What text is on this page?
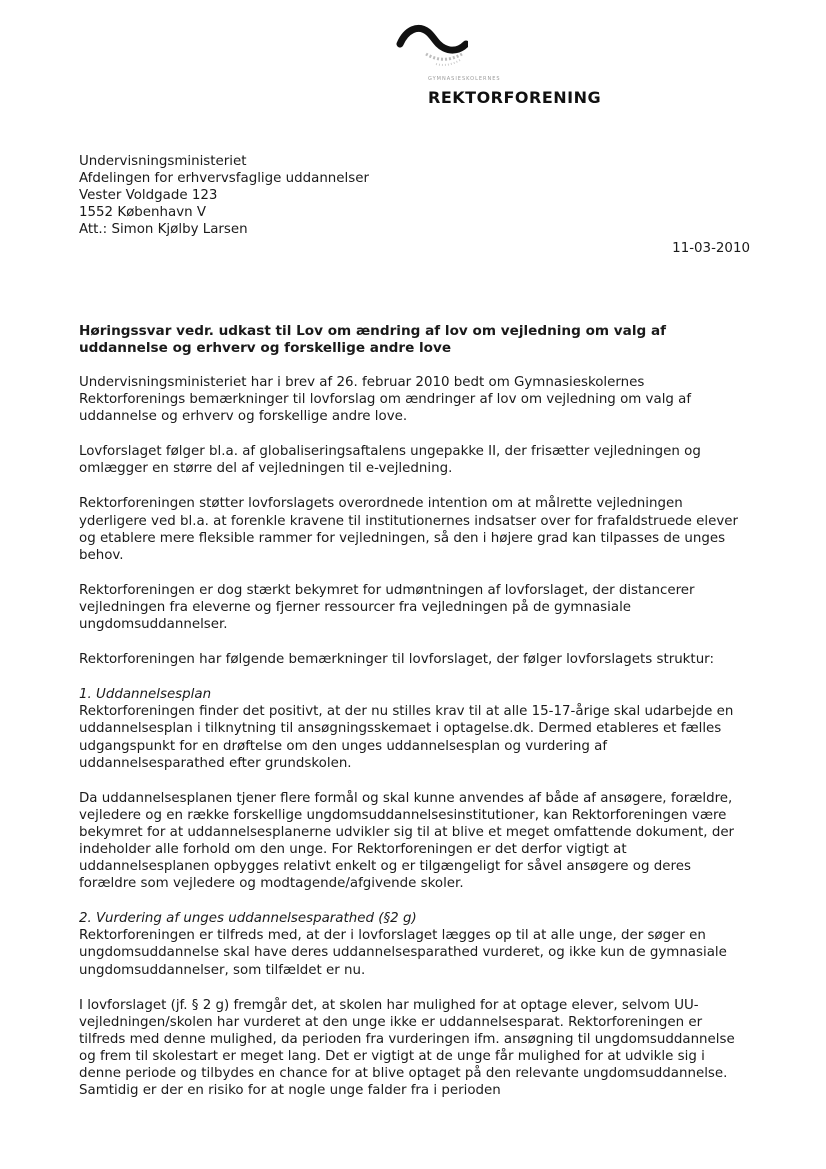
GYMNASIESKOLERNES
REKTORFORENING
Undervisningsministeriet
Afdelingen for erhvervsfaglige uddannelser
Vester Voldgade 123
1552 København V
Att.: Simon Kjølby Larsen
11-03-2010
Høringssvar vedr. udkast til Lov om ændring af lov om vejledning om valg af uddannelse og erhverv og forskellige andre love

Undervisningsministeriet har i brev af 26. februar 2010 bedt om Gymnasieskolernes Rektorforenings bemærkninger til lovforslag om ændringer af lov om vejledning om valg af uddannelse og erhverv og forskellige andre love.

Lovforslaget følger bl.a. af globaliseringsaftalens ungepakke II, der frisætter vejledningen og omlægger en større del af vejledningen til e-vejledning.

Rektorforeningen støtter lovforslagets overordnede intention om at målrette vejledningen yderligere ved bl.a. at forenkle kravene til institutionernes indsatser over for frafaldstruede elever og etablere mere fleksible rammer for vejledningen, så den i højere grad kan tilpasses de unges behov.

Rektorforeningen er dog stærkt bekymret for udmøntningen af lovforslaget, der distancerer vejledningen fra eleverne og fjerner ressourcer fra vejledningen på de gymnasiale ungdomsuddannelser.

Rektorforeningen har følgende bemærkninger til lovforslaget, der følger lovforslagets struktur:

1. Uddannelsesplan

Rektorforeningen finder det positivt, at der nu stilles krav til at alle 15-17-årige skal udarbejde en uddannelsesplan i tilknytning til ansøgningsskemaet i optagelse.dk. Dermed etableres et fælles udgangspunkt for en drøftelse om den unges uddannelsesplan og vurdering af uddannelsesparathed efter grundskolen.

Da uddannelsesplanen tjener flere formål og skal kunne anvendes af både af ansøgere, forældre, vejledere og en række forskellige ungdomsuddannelsesinstitutioner, kan Rektorforeningen være bekymret for at uddannelsesplanerne udvikler sig til at blive et meget omfattende dokument, der indeholder alle forhold om den unge. For Rektorforeningen er det derfor vigtigt at uddannelsesplanen opbygges relativt enkelt og er tilgængeligt for såvel ansøgere og deres forældre som vejledere og modtagende/afgivende skoler.

2. Vurdering af unges uddannelsesparathed (§2 g)

Rektorforeningen er tilfreds med, at der i lovforslaget lægges op til at alle unge, der søger en ungdomsuddannelse skal have deres uddannelsesparathed vurderet, og ikke kun de gymnasiale ungdomsuddannelser, som tilfældet er nu.

I lovforslaget (jf. § 2 g) fremgår det, at skolen har mulighed for at optage elever, selvom UU-vejledningen/skolen har vurderet at den unge ikke er uddannelsesparat. Rektorforeningen er tilfreds med denne mulighed, da perioden fra vurderingen ifm. ansøgning til ungdomsuddannelse og frem til skolestart er meget lang. Det er vigtigt at de unge får mulighed for at udvikle sig i denne periode og tilbydes en chance for at blive optaget på den relevante ungdomsuddannelse. Samtidig er der en risiko for at nogle unge falder fra i perioden
